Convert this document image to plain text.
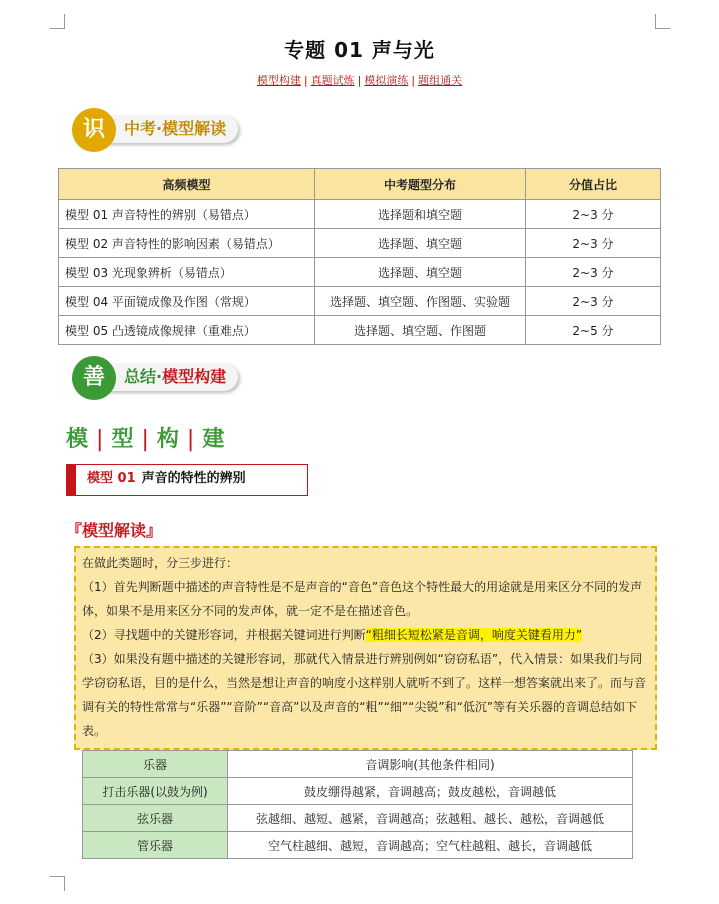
专题 01 声与光
模型构建 | 真题试炼 | 模拟演练 | 题组通关
识	中考·模型解读
高频模型	中考题型分布	分值占比
模型 01 声音特性的辨别（易错点）	选择题和填空题	2~3 分
模型 02 声音特性的影响因素（易错点）	选择题、填空题	2~3 分
模型 03 光现象辨析（易错点）	选择题、填空题	2~3 分
模型 04 平面镜成像及作图（常规）	选择题、填空题、作图题、实验题	2~3 分
模型 05 凸透镜成像规律（重难点）	选择题、填空题、作图题	2~5 分
善	总结·模型构建
模 | 型 | 构 | 建
模型 01 声音的特性的辨别
『模型解读』

在做此类题时，分三步进行：

（1）首先判断题中描述的声音特性是不是声音的“音色”音色这个特性最大的用途就是用来区分不同的发声体，如果不是用来区分不同的发声体，就一定不是在描述音色。

（2）寻找题中的关键形容词，并根据关键词进行判断“粗细长短松紧是音调，响度关键看用力”

（3）如果没有题中描述的关键形容词，那就代入情景进行辨别例如“窃窃私语”，代入情景：如果我们与同学窃窃私语，目的是什么，当然是想让声音的响度小这样别人就听不到了。这样一想答案就出来了。而与音调有关的特性常常与“乐器”“音阶”“音高”以及声音的“粗”“细”“尖锐”和“低沉”等有关乐器的音调总结如下表。

乐器	音调影响(其他条件相同)
打击乐器(以鼓为例)	鼓皮绷得越紧，音调越高；鼓皮越松，音调越低
弦乐器	弦越细、越短、越紧，音调越高；弦越粗、越长、越松，音调越低
管乐器	空气柱越细、越短，音调越高；空气柱越粗、越长，音调越低
